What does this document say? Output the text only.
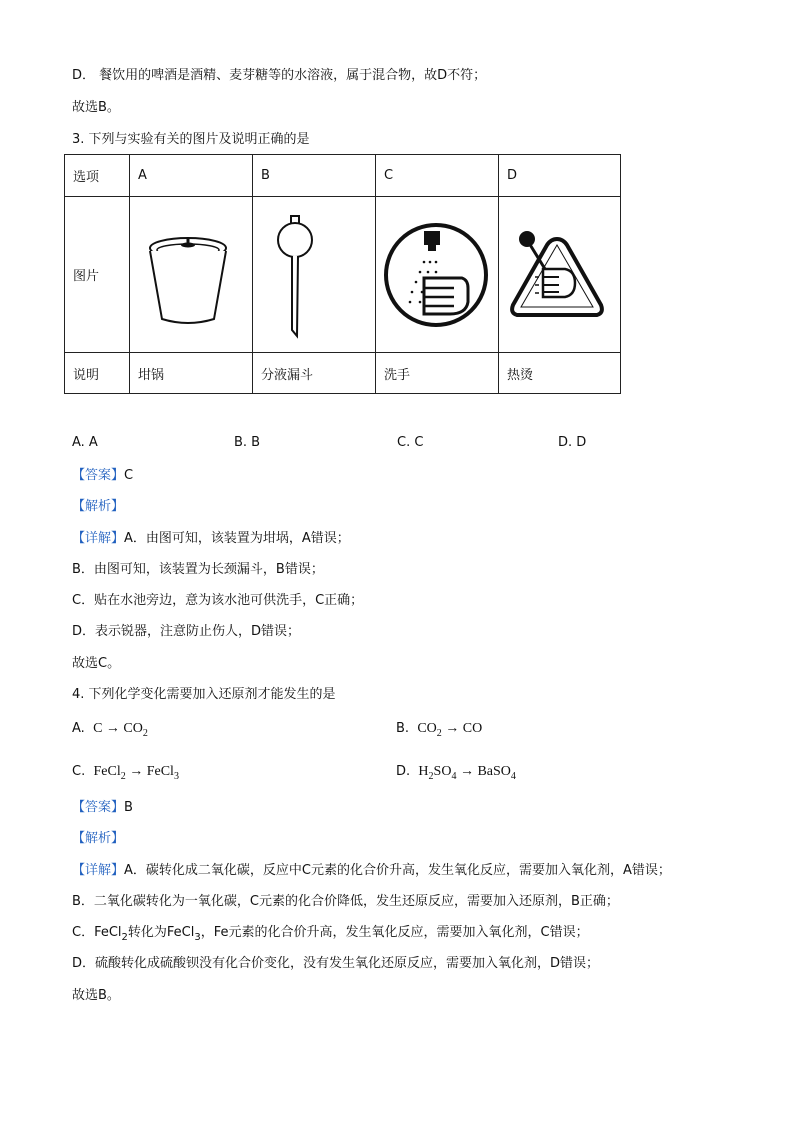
D． 餐饮用的啤酒是酒精、麦芽糖等的水溶液，属于混合物，故D不符；
故选B。
3. 下列与实验有关的图片及说明正确的是
选项	A	B	C	D
图片	

说明	坩锅	分液漏斗	洗手	热烫
A. A	B. B	C. C	D. D
【答案】C
【解析】
【详解】A．由图可知，该装置为坩埚，A错误；
B．由图可知，该装置为长颈漏斗，B错误；
C．贴在水池旁边，意为该水池可供洗手，C正确；
D．表示锐器，注意防止伤人，D错误；
故选C。
4. 下列化学变化需要加入还原剂才能发生的是
A. $C \to CO_2$	B. $CO_2$ → CO
C. FeCl$_2$ → FeCl$_3$	D. $H_2SO_4$ → BaSO$_4$
【答案】B
【解析】
【详解】A．碳转化成二氧化碳，反应中C元素的化合价升高，发生氧化反应，需要加入氧化剂，A错误；
B．二氧化碳转化为一氧化碳，C元素的化合价降低，发生还原反应，需要加入还原剂，B正确；
C．FeCl$_2$转化为FeCl$_3$，Fe元素的化合价升高，发生氧化反应，需要加入氧化剂，C错误；
D．硫酸转化成硫酸钡没有化合价变化，没有发生氧化还原反应，需要加入氧化剂，D错误；
故选B。
